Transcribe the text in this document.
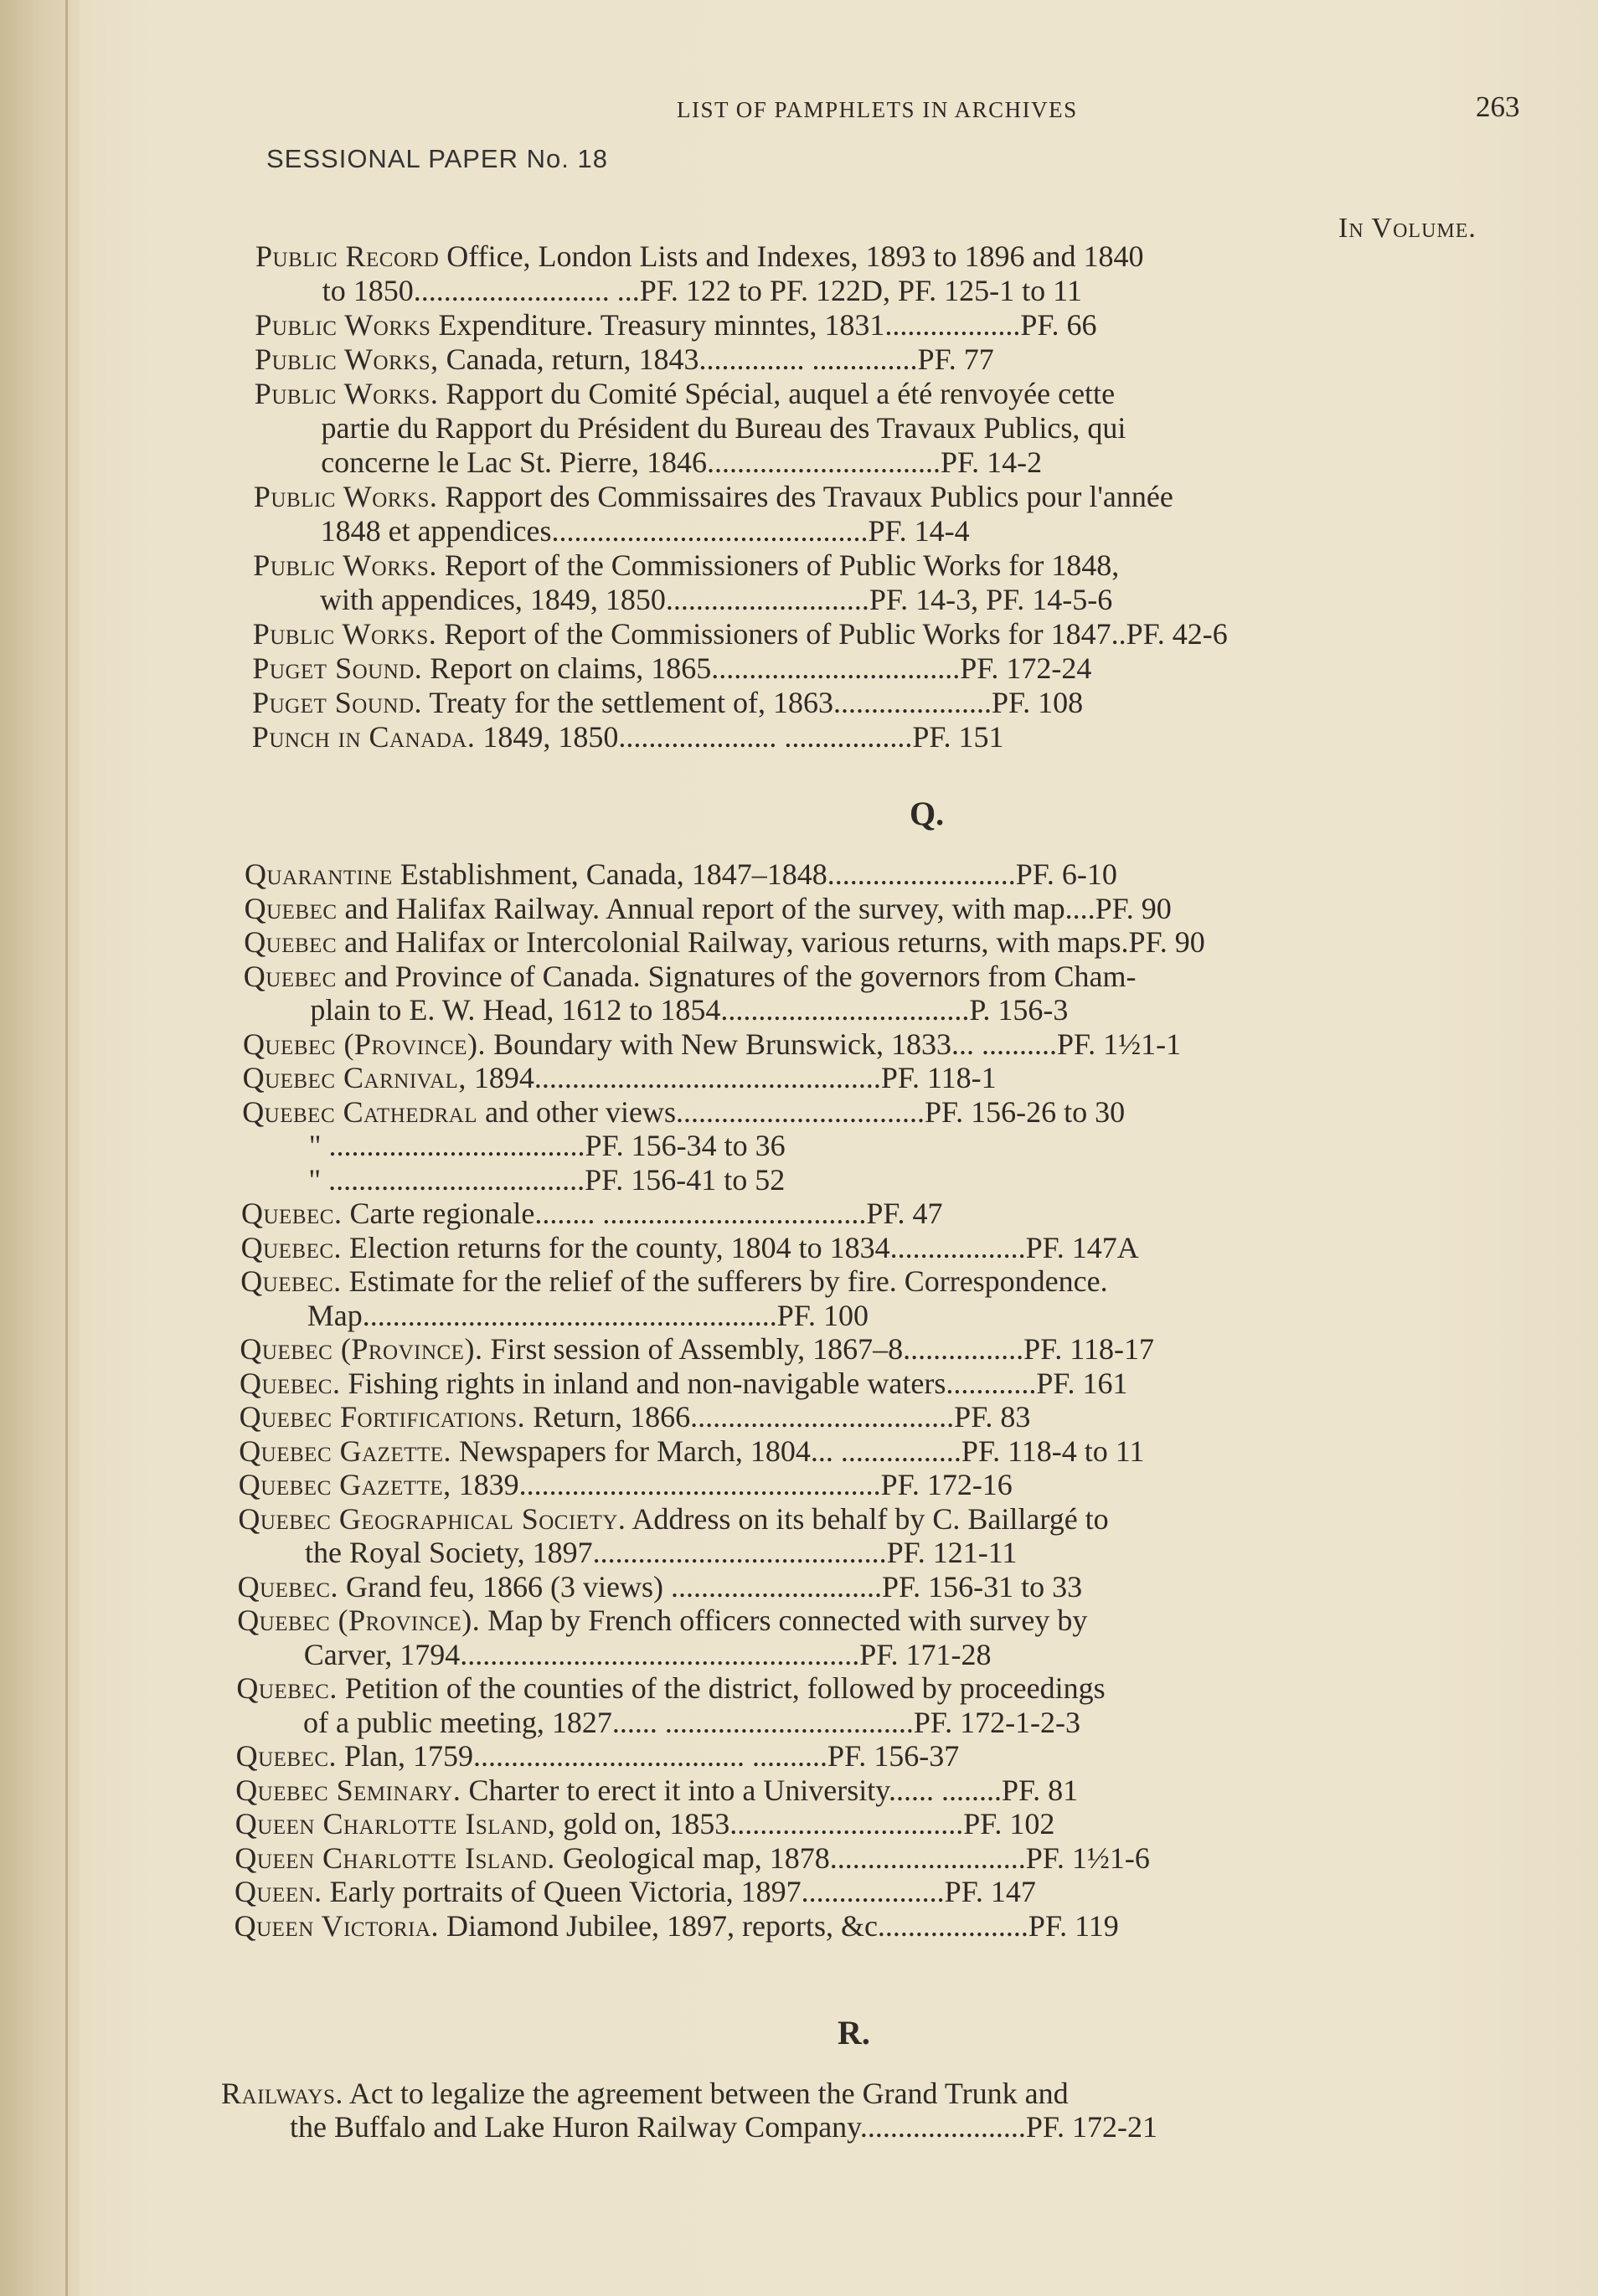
LIST OF PAMPHLETS IN ARCHIVES	263
SESSIONAL PAPER No. 18
In Volume.
Public Record Office, London Lists and Indexes, 1893 to 1896 and 1840
to 1850.......................... ...PF. 122 to PF. 122D, PF. 125-1 to 11
Public Works Expenditure. Treasury minntes, 1831..................PF. 66
Public Works, Canada, return, 1843.............. ..............PF. 77
Public Works. Rapport du Comité Spécial, auquel a été renvoyée cette
partie du Rapport du Président du Bureau des Travaux Publics, qui
concerne le Lac St. Pierre, 1846...............................PF. 14-2
Public Works. Rapport des Commissaires des Travaux Publics pour l'année
1848 et appendices..........................................PF. 14-4
Public Works. Report of the Commissioners of Public Works for 1848,
with appendices, 1849, 1850...........................PF. 14-3, PF. 14-5-6
Public Works. Report of the Commissioners of Public Works for 1847..PF. 42-6
Puget Sound. Report on claims, 1865.................................PF. 172-24
Puget Sound. Treaty for the settlement of, 1863.....................PF. 108
Punch in Canada. 1849, 1850..................... .................PF. 151
Quarantine Establishment, Canada, 1847–1848.........................PF. 6-10
Quebec and Halifax Railway. Annual report of the survey, with map....PF. 90
Quebec and Halifax or Intercolonial Railway, various returns, with maps.PF. 90
Quebec and Province of Canada. Signatures of the governors from Cham-
plain to E. W. Head, 1612 to 1854.................................P. 156-3
Quebec (Province). Boundary with New Brunswick, 1833... ..........PF. 1½1-1
Quebec Carnival, 1894..............................................PF. 118-1
Quebec Cathedral and other views.................................PF. 156-26 to 30
" ..................................PF. 156-34 to 36
" ..................................PF. 156-41 to 52
Quebec. Carte regionale........ ...................................PF. 47
Quebec. Election returns for the county, 1804 to 1834..................PF. 147A
Quebec. Estimate for the relief of the sufferers by fire. Correspondence.
Map.......................................................PF. 100
Quebec (Province). First session of Assembly, 1867–8................PF. 118-17
Quebec. Fishing rights in inland and non-navigable waters............PF. 161
Quebec Fortifications. Return, 1866...................................PF. 83
Quebec Gazette. Newspapers for March, 1804... ................PF. 118-4 to 11
Quebec Gazette, 1839................................................PF. 172-16
Quebec Geographical Society. Address on its behalf by C. Baillargé to
the Royal Society, 1897.......................................PF. 121-11
Quebec. Grand feu, 1866 (3 views) ............................PF. 156-31 to 33
Quebec (Province). Map by French officers connected with survey by
Carver, 1794.....................................................PF. 171-28
Quebec. Petition of the counties of the district, followed by proceedings
of a public meeting, 1827...... .................................PF. 172-1-2-3
Quebec. Plan, 1759.................................... ..........PF. 156-37
Quebec Seminary. Charter to erect it into a University...... ........PF. 81
Queen Charlotte Island, gold on, 1853...............................PF. 102
Queen Charlotte Island. Geological map, 1878..........................PF. 1½1-6
Queen. Early portraits of Queen Victoria, 1897...................PF. 147
Queen Victoria. Diamond Jubilee, 1897, reports, &c....................PF. 119
Railways. Act to legalize the agreement between the Grand Trunk and
the Buffalo and Lake Huron Railway Company......................PF. 172-21
Q.
R.
